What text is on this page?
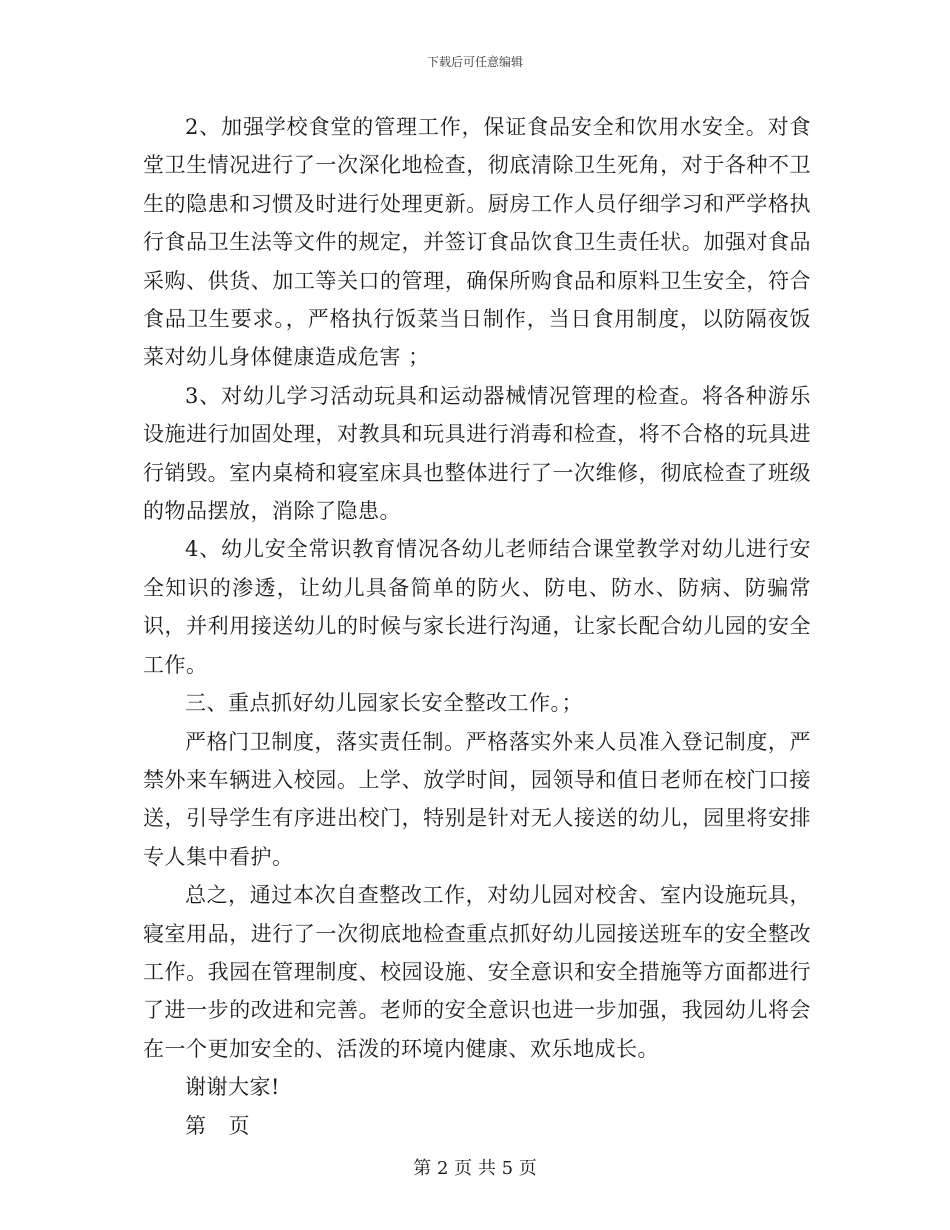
下载后可任意编辑

2、加强学校食堂的管理工作，保证食品安全和饮用水安全。对食堂卫生情况进行了一次深化地检查，彻底清除卫生死角，对于各种不卫生的隐患和习惯及时进行处理更新。厨房工作人员仔细学习和严学格执行食品卫生法等文件的规定，并签订食品饮食卫生责任状。加强对食品采购、供货、加工等关口的管理，确保所购食品和原料卫生安全，符合食品卫生要求。，严格执行饭菜当日制作，当日食用制度，以防隔夜饭菜对幼儿身体健康造成危害 ；

3、对幼儿学习活动玩具和运动器械情况管理的检查。将各种游乐设施进行加固处理，对教具和玩具进行消毒和检查，将不合格的玩具进行销毁。室内桌椅和寝室床具也整体进行了一次维修，彻底检查了班级的物品摆放，消除了隐患。

4、幼儿安全常识教育情况各幼儿老师结合课堂教学对幼儿进行安全知识的渗透，让幼儿具备简单的防火、防电、防水、防病、防骗常识，并利用接送幼儿的时候与家长进行沟通，让家长配合幼儿园的安全工作。

三、重点抓好幼儿园家长安全整改工作。；

严格门卫制度，落实责任制。严格落实外来人员准入登记制度，严禁外来车辆进入校园。上学、放学时间，园领导和值日老师在校门口接送，引导学生有序进出校门，特别是针对无人接送的幼儿，园里将安排专人集中看护。

总之，通过本次自查整改工作，对幼儿园对校舍、室内设施玩具，寝室用品，进行了一次彻底地检查重点抓好幼儿园接送班车的安全整改工作。我园在管理制度、校园设施、安全意识和安全措施等方面都进行了进一步的改进和完善。老师的安全意识也进一步加强，我园幼儿将会在一个更加安全的、活泼的环境内健康、欢乐地成长。

谢谢大家!

第 页

第 2 页 共 5 页
